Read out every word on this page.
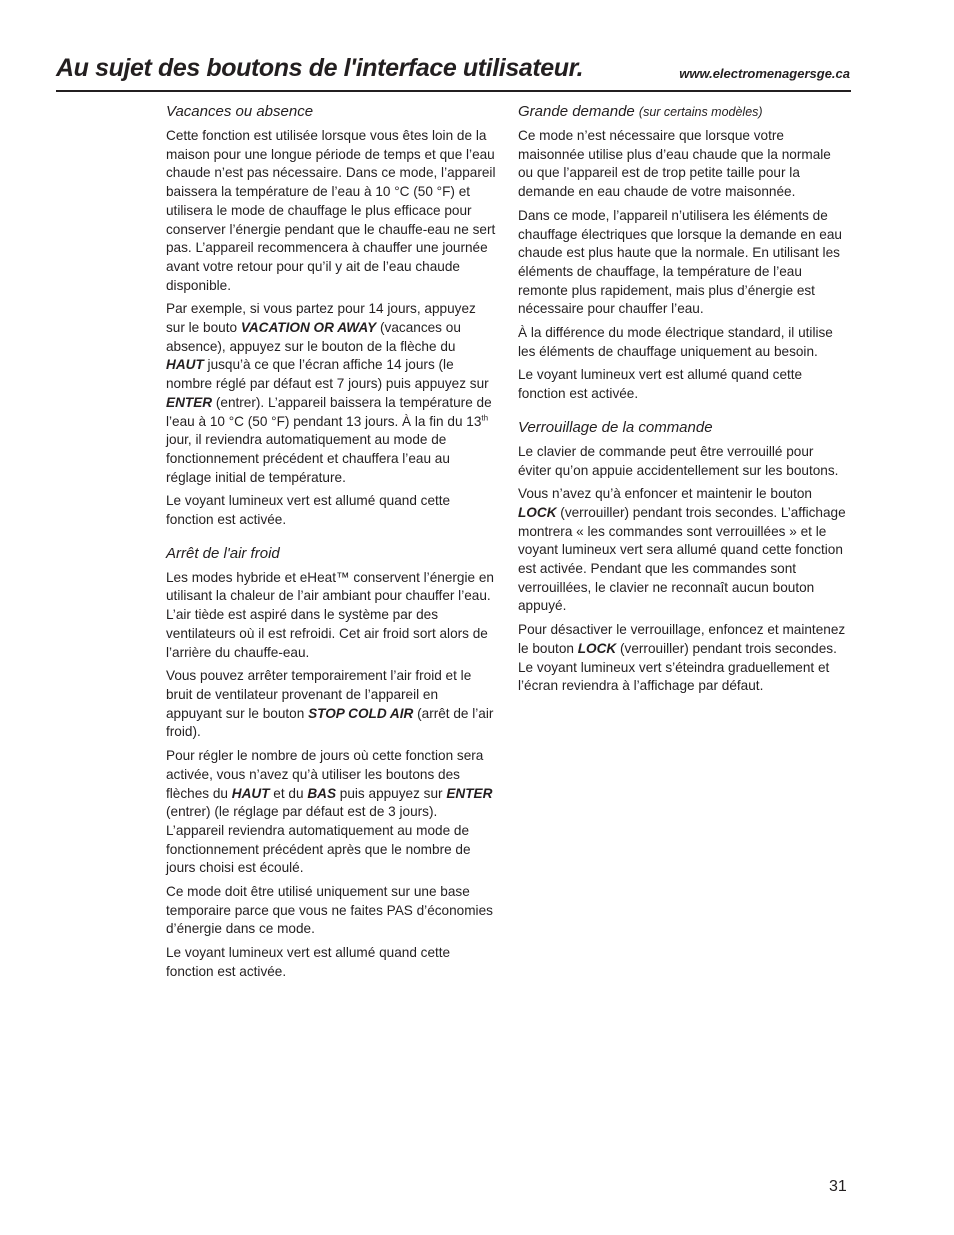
Au sujet des boutons de l'interface utilisateur.	www.electromenagersge.ca
Vacances ou absence

Cette fonction est utilisée lorsque vous êtes loin de la maison pour une longue période de temps et que l’eau chaude n’est pas nécessaire. Dans ce mode, l’appareil baissera la température de l’eau à 10 °C (50 °F) et utilisera le mode de chauffage le plus efficace pour conserver l’énergie pendant que le chauffe-eau ne sert pas. L’appareil recommencera à chauffer une journée avant votre retour pour qu’il y ait de l’eau chaude disponible.

Par exemple, si vous partez pour 14 jours, appuyez sur le bouto VACATION OR AWAY (vacances ou absence), appuyez sur le bouton de la flèche du HAUT jusqu’à ce que l’écran affiche 14 jours (le nombre réglé par défaut est 7 jours) puis appuyez sur ENTER (entrer). L’appareil baissera la température de l’eau à 10 °C (50 °F) pendant 13 jours. À la fin du 13th jour, il reviendra automatiquement au mode de fonctionnement précédent et chauffera l’eau au réglage initial de température.

Le voyant lumineux vert est allumé quand cette fonction est activée.

Arrêt de l'air froid

Les modes hybride et eHeat™ conservent l’énergie en utilisant la chaleur de l’air ambiant pour chauffer l’eau. L’air tiède est aspiré dans le système par des ventilateurs où il est refroidi. Cet air froid sort alors de l’arrière du chauffe-eau.

Vous pouvez arrêter temporairement l’air froid et le bruit de ventilateur provenant de l’appareil en appuyant sur le bouton STOP COLD AIR (arrêt de l’air froid).

Pour régler le nombre de jours où cette fonction sera activée, vous n’avez qu’à utiliser les boutons des flèches du HAUT et du BAS puis appuyez sur ENTER (entrer) (le réglage par défaut est de 3 jours). L’appareil reviendra automatiquement au mode de fonctionnement précédent après que le nombre de jours choisi est écoulé.

Ce mode doit être utilisé uniquement sur une base temporaire parce que vous ne faites PAS d’économies d’énergie dans ce mode.

Le voyant lumineux vert est allumé quand cette fonction est activée.

Grande demande (sur certains modèles)

Ce mode n’est nécessaire que lorsque votre maisonnée utilise plus d’eau chaude que la normale ou que l’appareil est de trop petite taille pour la demande en eau chaude de votre maisonnée.

Dans ce mode, l’appareil n’utilisera les éléments de chauffage électriques que lorsque la demande en eau chaude est plus haute que la normale. En utilisant les éléments de chauffage, la température de l’eau remonte plus rapidement, mais plus d’énergie est nécessaire pour chauffer l’eau.

À la différence du mode électrique standard, il utilise les éléments de chauffage uniquement au besoin.

Le voyant lumineux vert est allumé quand cette fonction est activée.

Verrouillage de la commande

Le clavier de commande peut être verrouillé pour éviter qu’on appuie accidentellement sur les boutons.

Vous n’avez qu’à enfoncer et maintenir le bouton LOCK (verrouiller) pendant trois secondes. L’affichage montrera « les commandes sont verrouillées » et le voyant lumineux vert sera allumé quand cette fonction est activée. Pendant que les commandes sont verrouillées, le clavier ne reconnaît aucun bouton appuyé.

Pour désactiver le verrouillage, enfoncez et maintenez le bouton LOCK (verrouiller) pendant trois secondes. Le voyant lumineux vert s’éteindra graduellement et l’écran reviendra à l’affichage par défaut.

31
